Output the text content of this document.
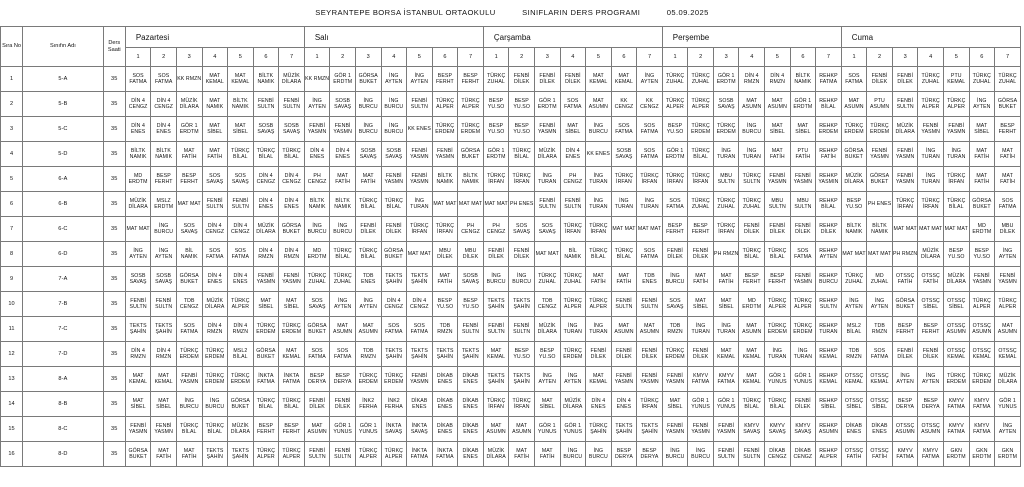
SEYRANTEPE BORSA İSTANBUL ORTAOKULU	SINIFLARIN DERS PROGRAMI	05.09.2025
Sıra No	Sınıfın Adı	Ders Saati	Pazartesi							Salı							Çarşamba							Perşembe							Cuma						
			1	2	3	4	5	6	7	1	2	3	4	5	6	7	1	2	3	4	5	6	7	1	2	3	4	5	6	7	1	2	3	4	5	6	7
1	5-A	35	SOS FATMA	SOS FATMA	KK RMZN	MAT KEMAL	MAT KEMAL	BİLTK NAMIK	MÜZİK DİLARA	KK RMZN	GÖR 1 ERDTM	GÖRSA BUKET	İNG AYTEN	İNG AYTEN	BESP FERHT	BESP FERHT	TÜRKÇ ZUHAL	FENBİ DİLEK	FENBİ DİLEK	FENBİ DİLEK	MAT KEMAL	MAT KEMAL	İNG AYTEN	TÜRKÇ ZUHAL	TÜRKÇ ZUHAL	GÖR 1 ERDTM	DİN 4 RMZN	DİN 4 RMZN	BİLTK NAMIK	REHKP FATMA	SOS FATMA	FENBİ DİLEK	FENBİ DİLEK	TÜRKÇ ZUHAL	PTU KEMAL	TÜRKÇ ZUHAL	TÜRKÇ ZUHAL

2	5-B	35	DİN 4 CENGZ	DİN 4 CENGZ	MÜZİK DİLARA	MAT NAMIK	BİLTK NAMIK	FENBİ SULTN	FENBİ SULTN	İNG AYTEN	SOSB SAVAŞ	İNG BURCU	İNG BURCU	FENBİ SULTN	TÜRKÇ ALPER	TÜRKÇ ALPER	BESP YU.SO	BESP YU.SO	GÖR 1 ERDTM	SOS FATMA	MAT ASUMN	KK CENGZ	KK CENGZ	TÜRKÇ ALPER	TÜRKÇ ALPER	SOSB SAVAŞ	MAT ASUMN	MAT ASUMN	GÖR 1 ERDTM	REHKP BİLAL	MAT ASUMN	PTU ASUMN	FENBİ SULTN	TÜRKÇ ALPER	TÜRKÇ ALPER	İNG AYTEN	GÖRSA BUKET

3	5-C	35	DİN 4 ENES	DİN 4 ENES	GÖR 1 ERDTM	MAT SİBEL	MAT SİBEL	SOSB SAVAŞ	SOSB SAVAŞ	FENBİ YASMN	FENBİ YASMN	İNG BURCU	İNG BURCU	KK ENES	TÜRKÇ ERDEM	TÜRKÇ ERDEM	BESP YU.SO	BESP YU.SO	FENBİ YASMN	MAT SİBEL	İNG BURCU	SOS FATMA	SOS FATMA	BESP YU.SO	TÜRKÇ ERDEM	TÜRKÇ ERDEM	İNG BURCU	MAT SİBEL	MAT SİBEL	REHKP ERDEM	TÜRKÇ ERDEM	TÜRKÇ ERDEM	MÜZİK DİLARA	FENBİ YASMN	FENBİ YASMN	MAT SİBEL	BESP FERHT

4	5-D	35	BİLTK NAMIK	BİLTK NAMIK	MAT FATİH	MAT FATİH	TÜRKÇ BİLAL	TÜRKÇ BİLAL	TÜRKÇ BİLAL	DİN 4 ENES	DİN 4 ENES	SOSB SAVAŞ	SOSB SAVAŞ	FENBİ YASMN	FENBİ YASMN	GÖRSA BUKET	GÖR 1 ERDTM	TÜRKÇ BİLAL	MÜZİK DİLARA	DİN 4 ENES	KK ENES	SOSB SAVAŞ	SOS FATMA	GÖR 1 ERDTM	TÜRKÇ BİLAL	İNG TURAN	İNG TURAN	MAT FATİH	PTU FATİH	REHKP FATİH	GÖRSA BUKET	FENBİ YASMN	FENBİ YASMN	İNG TURAN	İNG TURAN	MAT FATİH	MAT FATİH

5	6-A	35	MD ERDTM	BESP FERHT	BESP FERHT	SOS SAVAŞ	SOS SAVAŞ	DİN 4 CENGZ	DİN 4 CENGZ	PH CENGZ	MAT FATİH	MAT FATİH	FENBİ YASMN	FENBİ YASMN	BİLTK NAMIK	BİLTK NAMIK	TÜRKÇ İRFAN	TÜRKÇ İRFAN	İNG TURAN	PH CENGZ	İNG TURAN	TÜRKÇ İRFAN	TÜRKÇ İRFAN	TÜRKÇ İRFAN	TÜRKÇ İRFAN	MBU SULTN	TÜRKÇ SULTN	FENBİ YASMN	FENBİ YASMN	REHKP YASMIN	MÜZİK DİLARA	GÖRSA BUKET	FENBİ YASMN	İNG TURAN	TÜRKÇ İRFAN	MAT FATİH	MAT FATİH

6	6-B	35	MÜZİK DİLARA	MSLZ ERDTM	MAT MAT	FENBİ SULTN	FENBİ SULTN	DİN 4 ENES	DİN 4 ENES	BİLTK NAMIK	BİLTK NAMIK	TÜRKÇ BİLAL	TÜRKÇ BİLAL	İNG TURAN	MAT MAT	MAT MAT	MAT MAT	PH ENES	FENBİ SULTN	FENBİ SULTN	İNG TURAN	İNG TURAN	İNG TURAN	SOS FATMA	TÜRKÇ ZUHAL	TÜRKÇ ZUHAL	TÜRKÇ ZUHAL	MBU SULTN	MBU SULTN	REHKP BİLAL	BESP YU.SO	PH ENES	TÜRKÇ İRFAN	TÜRKÇ İRFAN	TÜRKÇ BİLAL	GÖRSA BUKET	SOS FATMA

7	6-C	35	MAT MAT	İNG BURCU	SOS SAVAŞ	DİN 4 CENGZ	DİN 4 CENGZ	MÜZİK DİLARA	GÖRSA BUKET	İNG BURCU	İNG BURCU	FENBİ DİLEK	FENBİ DİLEK	TÜRKÇ İRFAN	TÜRKÇ İRFAN	PH CENGZ	PH CENGZ	SOS SAVAŞ	SOS SAVAŞ	TÜRKÇ İRFAN	TÜRKÇ İRFAN	MAT MAT	MAT MAT	BESP FERHT	BESP FERHT	TÜRKÇ İRFAN	FENBİ DİLEK	FENBİ DİLEK	FENBİ DİLEK	REHKP DİLEK	BİLTK NAMIK	BİLTK NAMIK	MAT MAT	MAT MAT	MAT MAT	MD ERDTM	MBU DİLEK

8	6-D	35	İNG AYTEN	İNG AYTEN	BİL NAMIK	SOS FATMA	SOS FATMA	DİN 4 RMZN	DİN 4 RMZN	MD ERDTM	TÜRKÇ BİLAL	TÜRKÇ BİLAL	GÖRSA BUKET	MAT MAT	MBU DİLEK	MBU DİLEK	FENBİ DİLEK	FENBİ DİLEK	MAT MAT	BİL NAMIK	TÜRKÇ BİLAL	TÜRKÇ BİLAL	SOS FATMA	FENBİ DİLEK	FENBİ DİLEK	PH RMZN	TÜRKÇ BİLAL	TÜRKÇ BİLAL	SOS FATMA	REHKP AYTEN	MAT MAT	MAT MAT	PH RMZN	MÜZİK DİLARA	BESP YU.SO	BESP YU.SO	İNG AYTEN

9	7-A	35	SOSB SAVAŞ	SOSB SAVAŞ	GÖRSA BUKET	DİN 4 ENES	DİN 4 ENES	FENBİ YASMN	FENBİ YASMN	TÜRKÇ ZUHAL	TÜRKÇ ZUHAL	TDB ENES	TEKTS ŞAHİN	TEKTS ŞAHİN	MAT FATİH	SOSB SAVAŞ	İNG BURCU	İNG BURCU	TÜRKÇ ZUHAL	TÜRKÇ ZUHAL	MAT FATİH	MAT FATİH	TDB ENES	İNG BURCU	MAT FATİH	MAT FATİH	BESP FERHT	BESP FERHT	FENBİ YASMN	REHKP BURCU	TÜRKÇ ZUHAL	MD ZUHAL	OTSSÇ FATİH	OTSSÇ FATİH	MÜZİK DİLARA	FENBİ YASMN	FENBİ YASMN

10	7-B	35	FENBİ SULTN	FENBİ SULTN	TDB CENGZ	MÜZİK DİLARA	TÜRKÇ ALPER	MAT SİBEL	MAT SİBEL	SOS SAVAŞ	İNG AYTEN	İNG AYTEN	DİN 4 CENGZ	DİN 4 CENGZ	BESP YU.SO	BESP YU.SO	TEKTS ŞAHİN	TEKTS ŞAHİN	TDB CENGZ	TÜRKÇ ALPER	TÜRKÇ ALPER	FENBİ SULTN	FENBİ SULTN	SOS SAVAŞ	MAT SİBEL	MAT SİBEL	MD ERDTM	TÜRKÇ ALPER	TÜRKÇ ALPER	REHKP SULTN	İNG AYTEN	İNG AYTEN	GÖRSA BUKET	OTSSÇ SİBEL	OTSSÇ SİBEL	TÜRKÇ ALPER	TÜRKÇ ALPER

11	7-C	35	TEKTS ŞAHİN	TEKTS ŞAHİN	SOS FATMA	DİN 4 RMZN	DİN 4 RMZN	TÜRKÇ ERDEM	TÜRKÇ ERDEM	GÖRSA BUKET	MAT ASUMN	MAT ASUMN	SOS FATMA	SOS FATMA	TDB RMZN	FENBİ SULTN	FENBİ SULTN	FENBİ SULTN	MÜZİK DİLARA	İNG TURAN	İNG TURAN	MAT ASUMN	MAT ASUMN	TDB RMZN	İNG TURAN	İNG TURAN	MAT ASUMN	TÜRKÇ ERDEM	TÜRKÇ ERDEM	REHKP TURAN	MSL2 BİLAL	TDB RMZN	BESP FERHT	BESP FERHT	OTSSÇ ASUMN	OTSSÇ ASUMN	MAT ASUMN

12	7-D	35	DİN 4 RMZN	DİN 4 RMZN	TÜRKÇ ERDEM	TÜRKÇ ERDEM	MSL2 BİLAL	GÖRSA BUKET	MAT KEMAL	SOS FATMA	SOS FATMA	TDB RMZN	TEKTS ŞAHİN	TEKTS ŞAHİN	TEKTS ŞAHİN	TEKTS ŞAHİN	MAT KEMAL	BESP YU.SO	BESP YU.SO	TÜRKÇ ERDEM	FENBİ DİLEK	FENBİ DİLEK	FENBİ DİLEK	TÜRKÇ ERDEM	FENBİ DİLEK	MAT KEMAL	MAT KEMAL	İNG TURAN	İNG TURAN	REHKP KEMAL	TDB RMZN	SOS FATMA	FENBİ DİLEK	FENBİ DİLEK	OTSSÇ KEMAL	OTSSÇ KEMAL	OTSSÇ KEMAL

13	8-A	35	MAT KEMAL	MAT KEMAL	FENBİ YASMN	TÜRKÇ ERDEM	TÜRKÇ ERDEM	İNKTA FATMA	İNKTA FATMA	BESP DERYA	BESP DERYA	TÜRKÇ ERDEM	TÜRKÇ ERDEM	FENBİ YASMN	DİKAB ENES	DİKAB ENES	TEKTS ŞAHİN	TEKTS ŞAHİN	İNG AYTEN	İNG AYTEN	MAT KEMAL	FENBİ YASMN	FENBİ YASMN	FENBİ YASMN	KMYV FATMA	KMYV FATMA	MAT KEMAL	GÖR 1 YUNUS	GÖR 1 YUNUS	REHKP KEMAL	OTSSÇ KEMAL	OTSSÇ KEMAL	İNG AYTEN	İNG AYTEN	TÜRKÇ ERDEM	TÜRKÇ ERDEM	MÜZİK DİLARA

14	8-B	35	MAT SİBEL	MAT SİBEL	İNG BURCU	İNG BURCU	GÖRSA BUKET	TÜRKÇ BİLAL	TÜRKÇ BİLAL	FENBİ DİLEK	FENBİ DİLEK	İNK2 FERHA	İNK2 FERHA	DİKAB ENES	DİKAB ENES	DİKAB ENES	TÜRKÇ İRFAN	TÜRKÇ İRFAN	MAT SİBEL	MÜZİK DİLARA	DİN 4 ENES	DİN 4 ENES	TÜRKÇ İRFAN	MAT SİBEL	GÖR 1 YUNUS	GÖR 1 YUNUS	TÜRKÇ BİLAL	TÜRKÇ BİLAL	FENBİ DİLEK	REHKP SİBEL	OTSSÇ SİBEL	OTSSÇ SİBEL	BESP DERYA	BESP DERYA	KMYV FATMA	KMYV FATMA	GÖR 1 YUNUS

15	8-C	35	FENBİ YASMN	FENBİ YASMN	TÜRKÇ BİLAL	TÜRKÇ BİLAL	MÜZİK DİLARA	BESP FERHT	BESP FERHT	MAT ASUMN	GÖR 1 YUNUS	GÖR 1 YUNUS	İNKTA SAVAŞ	İNKTA SAVAŞ	DİKAB ENES	DİKAB ENES	MAT ASUMN	MAT ASUMN	GÖR 1 YUNUS	GÖR 1 YUNUS	TÜRKÇ ŞAHİN	TEKTS ŞAHİN	TEKTS ŞAHİN	FENBİ YASMN	FENBİ YASMN	FENBİ YASMN	KMYV SAVAŞ	KMYV SAVAŞ	KMYV SAVAŞ	REHKP ASUMN	DİKAB ENES	DİKAB ENES	OTSSÇ ASUMN	OTSSÇ ASUMN	KMYV FATMA	KMYV FATMA	İNG AYTEN

16	8-D	35	GÖRSA BUKET	MAT FATİH	MAT FATİH	TEKTS ŞAHİN	TEKTS ŞAHİN	TÜRKÇ ALPER	TÜRKÇ ALPER	FENBİ SULTN	FENBİ SULTN	TÜRKÇ ALPER	TÜRKÇ ALPER	İNKTA FATMA	İNKTA FATMA	DİKAB ENES	MÜZİK DİLARA	MAT FATİH	MAT FATİH	İNG BURCU	İNG BURCU	BESP DERYA	BESP DERYA	İNG BURCU	İNG BURCU	FENBİ SULTN	FENBİ SULTN	DİKAB CENGZ	DİKAB CENGZ	REHKP ALPER	OTSSÇ FATİH	OTSSÇ FATİH	KMYV FATMA	KMYV FATMA	GKN ERDTM	GKN ERDTM	GKN ERDTM
